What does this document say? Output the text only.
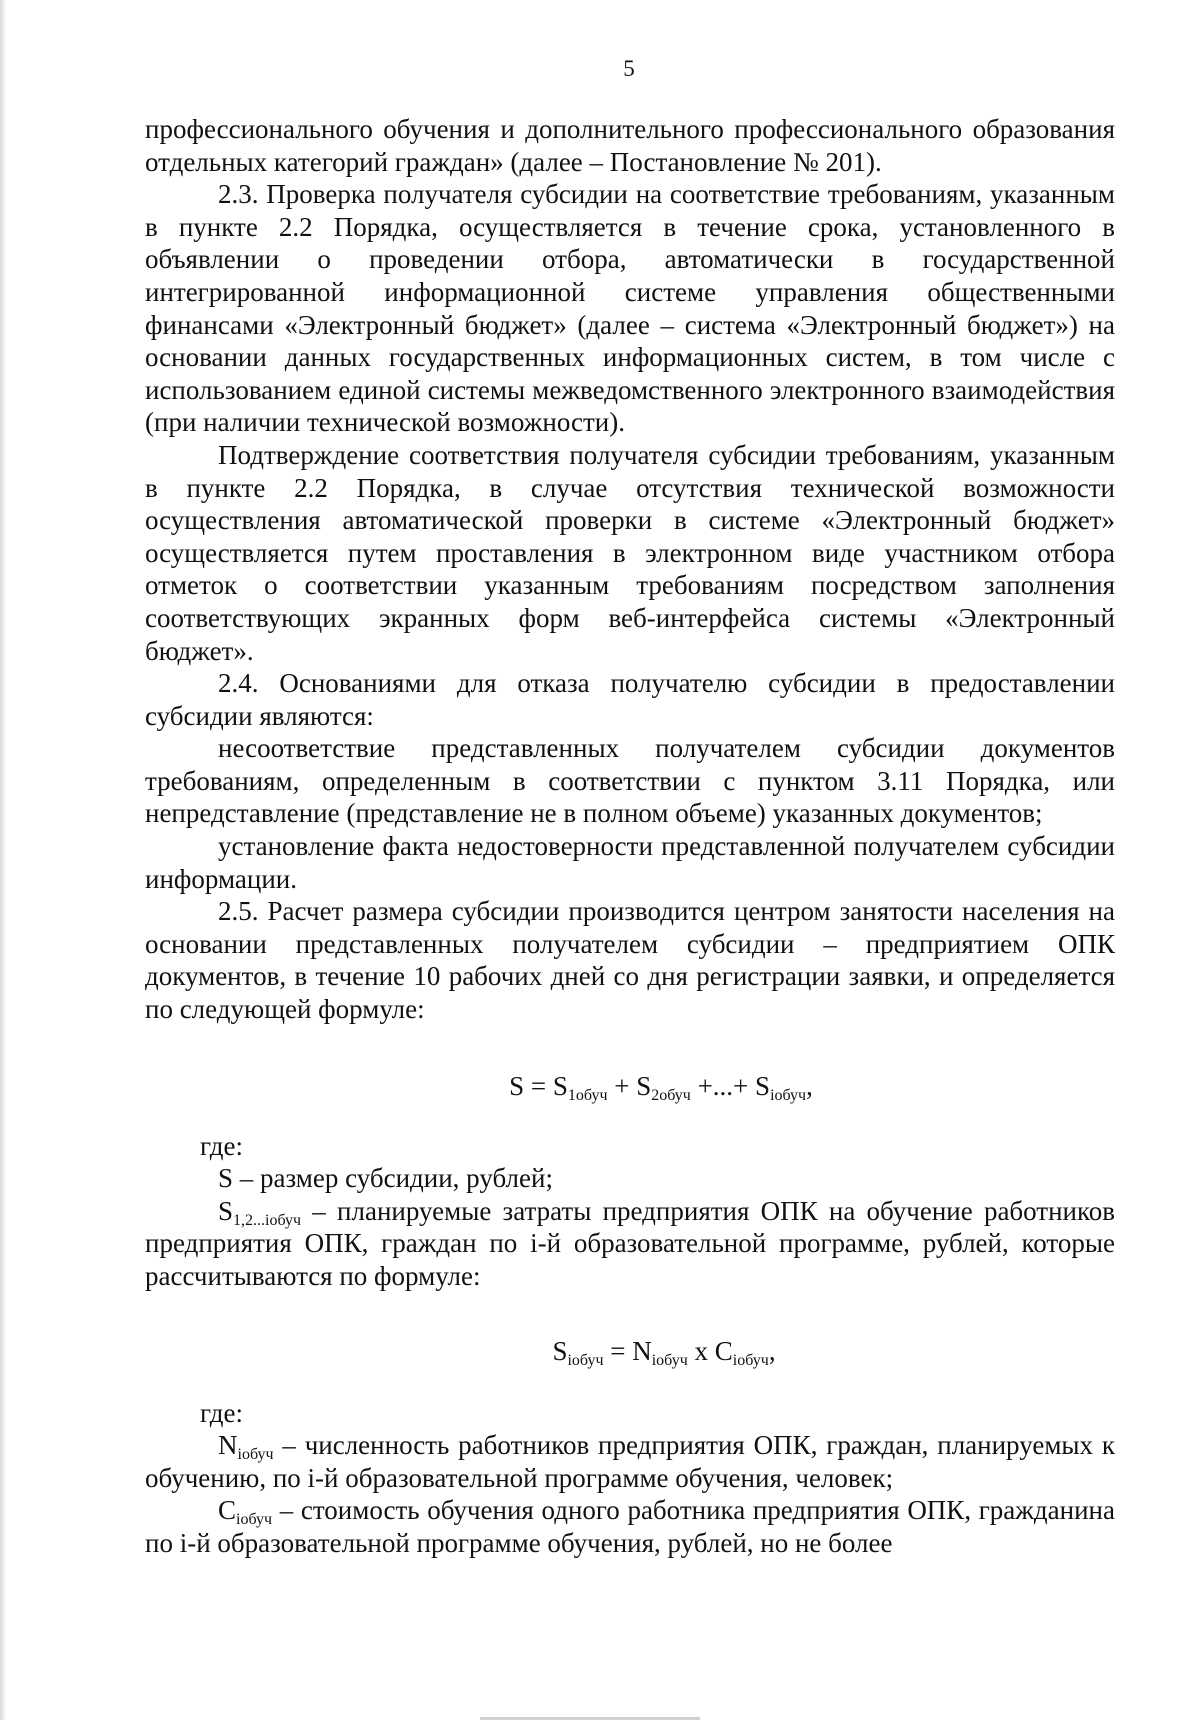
5

профессионального обучения и дополнительного профессионального образования отдельных категорий граждан» (далее – Постановление № 201).

2.3. Проверка получателя субсидии на соответствие требованиям, указанным в пункте 2.2 Порядка, осуществляется в течение срока, установленного в объявлении о проведении отбора, автоматически в государственной интегрированной информационной системе управления общественными финансами «Электронный бюджет» (далее – система «Электронный бюджет») на основании данных государственных информационных систем, в том числе с использованием единой системы межведомственного электронного взаимодействия (при наличии технической возможности).

Подтверждение соответствия получателя субсидии требованиям, указанным в пункте 2.2 Порядка, в случае отсутствия технической возможности осуществления автоматической проверки в системе «Электронный бюджет» осуществляется путем проставления в электронном виде участником отбора отметок о соответствии указанным требованиям посредством заполнения соответствующих экранных форм веб-интерфейса системы «Электронный бюджет».

2.4. Основаниями для отказа получателю субсидии в предоставлении субсидии являются:

несоответствие представленных получателем субсидии документов требованиям, определенным в соответствии с пунктом 3.11 Порядка, или непредставление (представление не в полном объеме) указанных документов;

установление факта недостоверности представленной получателем субсидии информации.

2.5. Расчет размера субсидии производится центром занятости населения на основании представленных получателем субсидии – предприятием ОПК документов, в течение 10 рабочих дней со дня регистрации заявки, и определяется по следующей формуле:

$S = S_{1обуч} + S_{2обуч}$ +...+ $S_{iобуч}$,

где:

S – размер субсидии, рублей;

$S_{1,2...iобуч}$ – планируемые затраты предприятия ОПК на обучение работников предприятия ОПК, граждан по i-й образовательной программе, рублей, которые рассчитываются по формуле:

$S_{iобуч} = N_{iобуч}$ х $C_{iобуч}$,

где:

$N_{iобуч}$ – численность работников предприятия ОПК, граждан, планируемых к обучению, по i-й образовательной программе обучения, человек;

$C_{iобуч}$ – стоимость обучения одного работника предприятия ОПК, гражданина по i-й образовательной программе обучения, рублей, но не более
